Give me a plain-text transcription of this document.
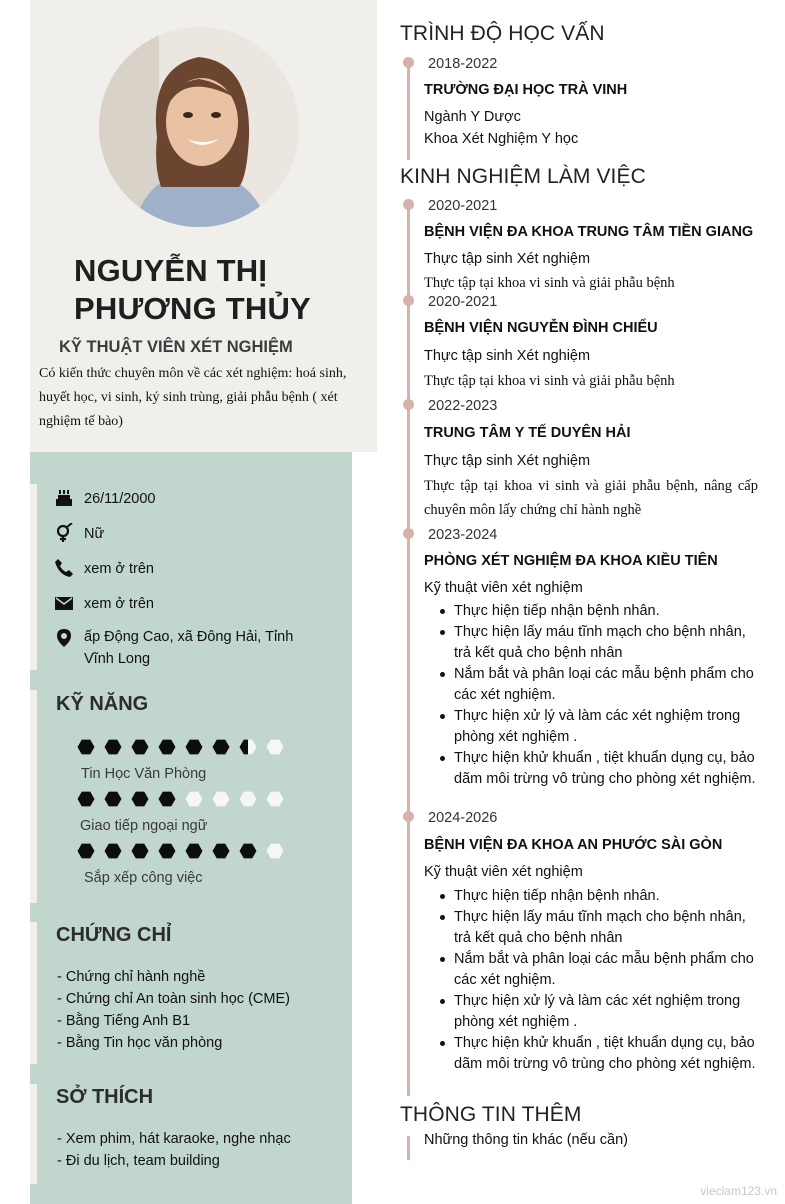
NGUYỄN THỊ
PHƯƠNG THỦY
KỸ THUẬT VIÊN XÉT NGHIỆM
Có kiến thức chuyên môn về các xét nghiệm: hoá sinh, huyết học, vi sinh, ký sinh trùng, giải phẫu bệnh ( xét nghiệm tế bào)
26/11/2000
Nữ
xem ở trên
xem ở trên
ấp Động Cao, xã Đông Hải, Tỉnh Vĩnh Long
KỸ NĂNG
Tin Học Văn Phòng
Giao tiếp ngoại ngữ
Sắp xếp công việc
CHỨNG CHỈ
- Chứng chỉ hành nghề
- Chứng chỉ An toàn sinh học (CME)
- Bằng Tiếng Anh B1
- Bằng Tin học văn phòng
SỞ THÍCH
- Xem phim, hát karaoke, nghe nhạc
- Đi du lịch, team building
TRÌNH ĐỘ HỌC VẤN
2018-2022
TRƯỜNG ĐẠI HỌC TRÀ VINH
Ngành Y Dược
Khoa Xét Nghiệm Y học
KINH NGHIỆM LÀM VIỆC
2020-2021
BỆNH VIỆN ĐA KHOA TRUNG TÂM TIỀN GIANG
Thực tập sinh Xét nghiệm
Thực tập tại khoa vi sinh và giải phẫu bệnh
2020-2021
BỆNH VIỆN NGUYỄN ĐÌNH CHIỂU
Thực tập sinh Xét nghiệm
Thực tập tại khoa vi sinh và giải phẫu bệnh
2022-2023
TRUNG TÂM Y TẾ DUYÊN HẢI
Thực tập sinh Xét nghiệm
Thực tập tại khoa vi sinh và giải phẫu bệnh, nâng cấp chuyên môn lấy chứng chỉ hành nghề
2023-2024
PHÒNG XÉT NGHIỆM ĐA KHOA KIỀU TIÊN
Kỹ thuật viên xét nghiệm
Thực hiện tiếp nhận bệnh nhân.
Thực hiện lấy máu tĩnh mạch cho bệnh nhân, trả kết quả cho bệnh nhân
Nắm bắt và phân loại các mẫu bệnh phẩm cho các xét nghiệm.
Thực hiện xử lý và làm các xét nghiệm trong phòng xét nghiệm .
Thực hiện khử khuẩn , tiệt khuẩn dụng cụ, bảo dãm môi trừng vô trùng cho phòng xét nghiệm.
2024-2026
BỆNH VIỆN ĐA KHOA AN PHƯỚC SÀI GÒN
Kỹ thuật viên xét nghiệm
Thực hiện tiếp nhận bệnh nhân.
Thực hiện lấy máu tĩnh mạch cho bệnh nhân, trả kết quả cho bệnh nhân
Nắm bắt và phân loại các mẫu bệnh phẩm cho các xét nghiệm.
Thực hiện xử lý và làm các xét nghiệm trong phòng xét nghiệm .
Thực hiện khử khuẩn , tiệt khuẩn dụng cụ, bảo dãm môi trừng vô trùng cho phòng xét nghiệm.
THÔNG TIN THÊM
Những thông tin khác (nếu cần)
vieclam123.vn
